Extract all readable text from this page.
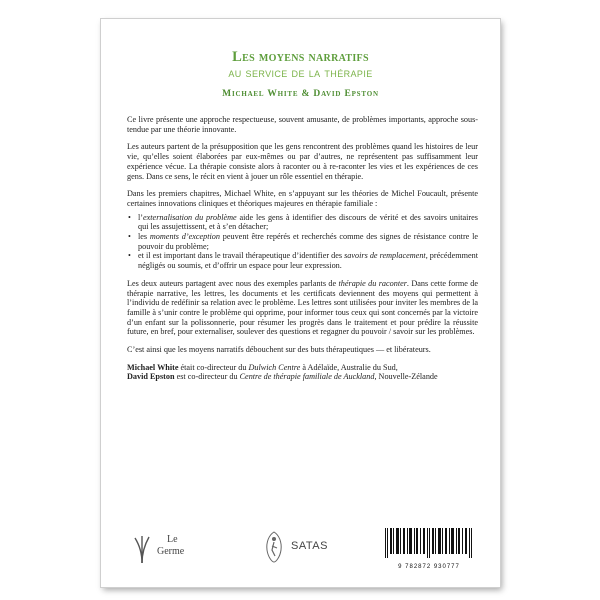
Les moyens narratifs
au service de la thérapie
Michael White & David Epston

Ce livre présente une approche respectueuse, souvent amusante, de problèmes importants, approche sous-tendue par une théorie innovante.

Les auteurs partent de la présupposition que les gens rencontrent des problèmes quand les histoires de leur vie, qu’elles soient élaborées par eux-mêmes ou par d’autres, ne représentent pas suffisamment leur expérience vécue. La thérapie consiste alors à raconter ou à re-raconter les vies et les expériences de ces gens. Dans ce sens, le récit en vient à jouer un rôle essentiel en thérapie.

Dans les premiers chapitres, Michael White, en s’appuyant sur les théories de Michel Foucault, présente certaines innovations cliniques et théoriques majeures en thérapie familiale :

• l’externalisation du problème aide les gens à identifier des discours de vérité et des savoirs unitaires qui les assujettissent, et à s’en détacher;
• les moments d’exception peuvent être repérés et recherchés comme des signes de résistance contre le pouvoir du problème;
• et il est important dans le travail thérapeutique d’identifier des savoirs de remplacement, précédemment négligés ou soumis, et d’offrir un espace pour leur expression.

Les deux auteurs partagent avec nous des exemples parlants de thérapie du raconter. Dans cette forme de thérapie narrative, les lettres, les documents et les certificats deviennent des moyens qui permettent à l’individu de redéfinir sa relation avec le problème. Les lettres sont utilisées pour inviter les membres de la famille à s’unir contre le problème qui opprime, pour informer tous ceux qui sont concernés par la victoire d’un enfant sur la polissonnerie, pour résumer les progrès dans le traitement et pour prédire la réussite future, en bref, pour externaliser, soulever des questions et regagner du pouvoir / savoir sur les problèmes.

C’est ainsi que les moyens narratifs débouchent sur des buts thérapeutiques — et libérateurs.

Michael White était co-directeur du Dulwich Centre à Adélaïde, Australie du Sud,
David Epston est co-directeur du Centre de thérapie familiale de Auckland, Nouvelle-Zélande

Le
Germe	SATAS
9 782872 930777
